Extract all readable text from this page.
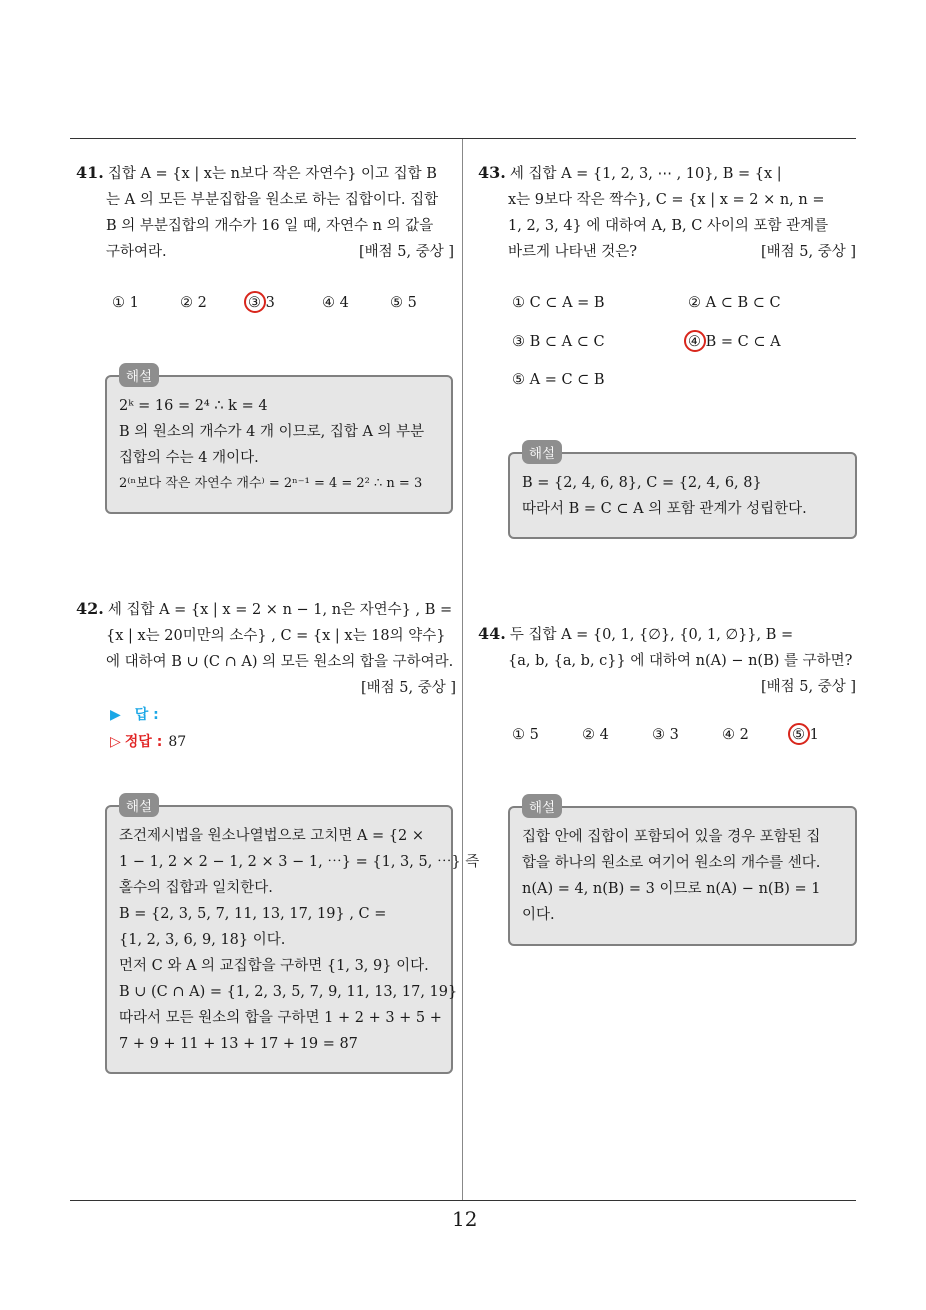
12
41. 집합 A = {x | x는 n보다 작은 자연수} 이고 집합 B
는 A 의 모든 부분집합을 원소로 하는 집합이다. 집합
B 의 부분집합의 개수가 16 일 때, 자연수 n 의 값을
구하여라.	[배점 5, 중상 ]
① 1	② 2	③ 3	④ 4	⑤ 5
해설
2ᵏ = 16 = 2⁴ ∴ k = 4
B 의 원소의 개수가 4 개 이므로, 집합 A 의 부분
집합의 수는 4 개이다.
2⁽ⁿ보다 작은 자연수 개수⁾ = 2ⁿ⁻¹ = 4 = 2² ∴ n = 3
42. 세 집합 A = {x | x = 2 × n − 1, n은 자연수} , B =
{x | x는 20미만의 소수} , C = {x | x는 18의 약수}
에 대하여 B ∪ (C ∩ A) 의 모든 원소의 합을 구하여라.
[배점 5, 중상 ]
▶ 답 :
▷ 정답 : 87
해설
조건제시법을 원소나열법으로 고치면 A = {2 ×
1 − 1, 2 × 2 − 1, 2 × 3 − 1, ⋯} = {1, 3, 5, ⋯} 즉
홀수의 집합과 일치한다.
B = {2, 3, 5, 7, 11, 13, 17, 19} , C =
{1, 2, 3, 6, 9, 18} 이다.
먼저 C 와 A 의 교집합을 구하면 {1, 3, 9} 이다.
B ∪ (C ∩ A) = {1, 2, 3, 5, 7, 9, 11, 13, 17, 19}
따라서 모든 원소의 합을 구하면 1 + 2 + 3 + 5 +
7 + 9 + 11 + 13 + 17 + 19 = 87
43. 세 집합 A = {1, 2, 3, ⋯ , 10}, B = {x |
x는 9보다 작은 짝수}, C = {x | x = 2 × n, n =
1, 2, 3, 4} 에 대하여 A, B, C 사이의 포함 관계를
바르게 나타낸 것은?	[배점 5, 중상 ]
① C ⊂ A = B	② A ⊂ B ⊂ C
③ B ⊂ A ⊂ C	④ B = C ⊂ A
⑤ A = C ⊂ B
해설
B = {2, 4, 6, 8}, C = {2, 4, 6, 8}
따라서 B = C ⊂ A 의 포함 관계가 성립한다.
44. 두 집합 A = {0, 1, {∅}, {0, 1, ∅}}, B =
{a, b, {a, b, c}} 에 대하여 n(A) − n(B) 를 구하면?
[배점 5, 중상 ]
① 5	② 4	③ 3	④ 2	⑤ 1
해설
집합 안에 집합이 포함되어 있을 경우 포함된 집
합을 하나의 원소로 여기어 원소의 개수를 센다.
n(A) = 4, n(B) = 3 이므로 n(A) − n(B) = 1
이다.
